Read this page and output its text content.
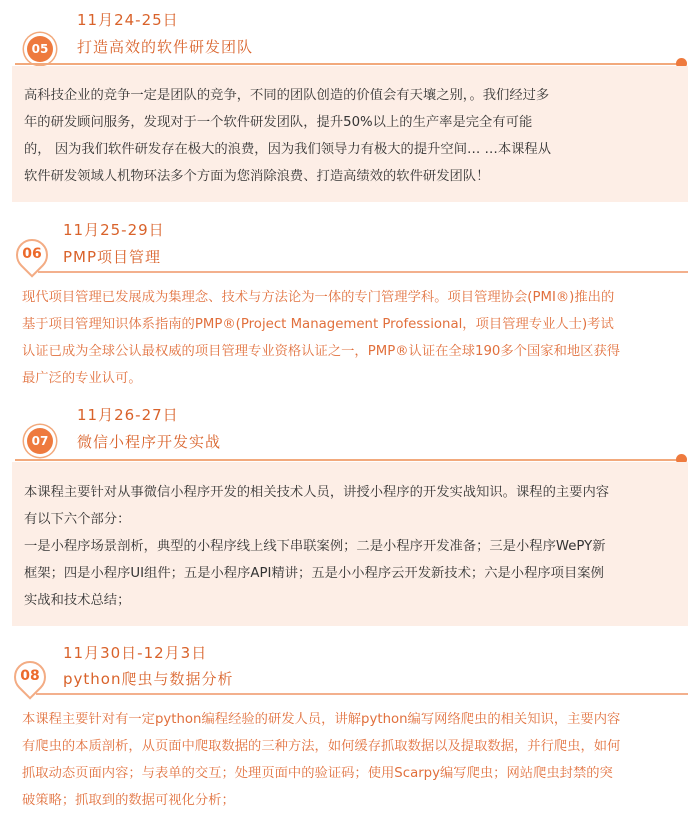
11月24-25日
05	打造高效的软件研发团队
高科技企业的竞争一定是团队的竞争，不同的团队创造的价值会有天壤之别，。我们经过多
年的研发顾问服务，发现对于一个软件研发团队，提升50%以上的生产率是完全有可能
的， 因为我们软件研发存在极大的浪费，因为我们领导力有极大的提升空间… …本课程从
软件研发领域人机物环法多个方面为您消除浪费、打造高绩效的软件研发团队！
11月25-29日
06	PMP项目管理
现代项目管理已发展成为集理念、技术与方法论为一体的专门管理学科。项目管理协会(PMI®)推出的
基于项目管理知识体系指南的PMP®(Project Management Professional，项目管理专业人士)考试
认证已成为全球公认最权威的项目管理专业资格认证之一，PMP®认证在全球190多个国家和地区获得
最广泛的专业认可。
11月26-27日
07	微信小程序开发实战
本课程主要针对从事微信小程序开发的相关技术人员，讲授小程序的开发实战知识。课程的主要内容
有以下六个部分：
一是小程序场景剖析，典型的小程序线上线下串联案例；二是小程序开发准备；三是小程序WePY新
框架；四是小程序UI组件；五是小程序API精讲；五是小小程序云开发新技术；六是小程序项目案例
实战和技术总结；
11月30日-12月3日
08	python爬虫与数据分析
本课程主要针对有一定python编程经验的研发人员，讲解python编写网络爬虫的相关知识，主要内容
有爬虫的本质剖析，从页面中爬取数据的三种方法，如何缓存抓取数据以及提取数据，并行爬虫，如何
抓取动态页面内容；与表单的交互；处理页面中的验证码；使用Scarpy编写爬虫；网站爬虫封禁的突
破策略；抓取到的数据可视化分析；
